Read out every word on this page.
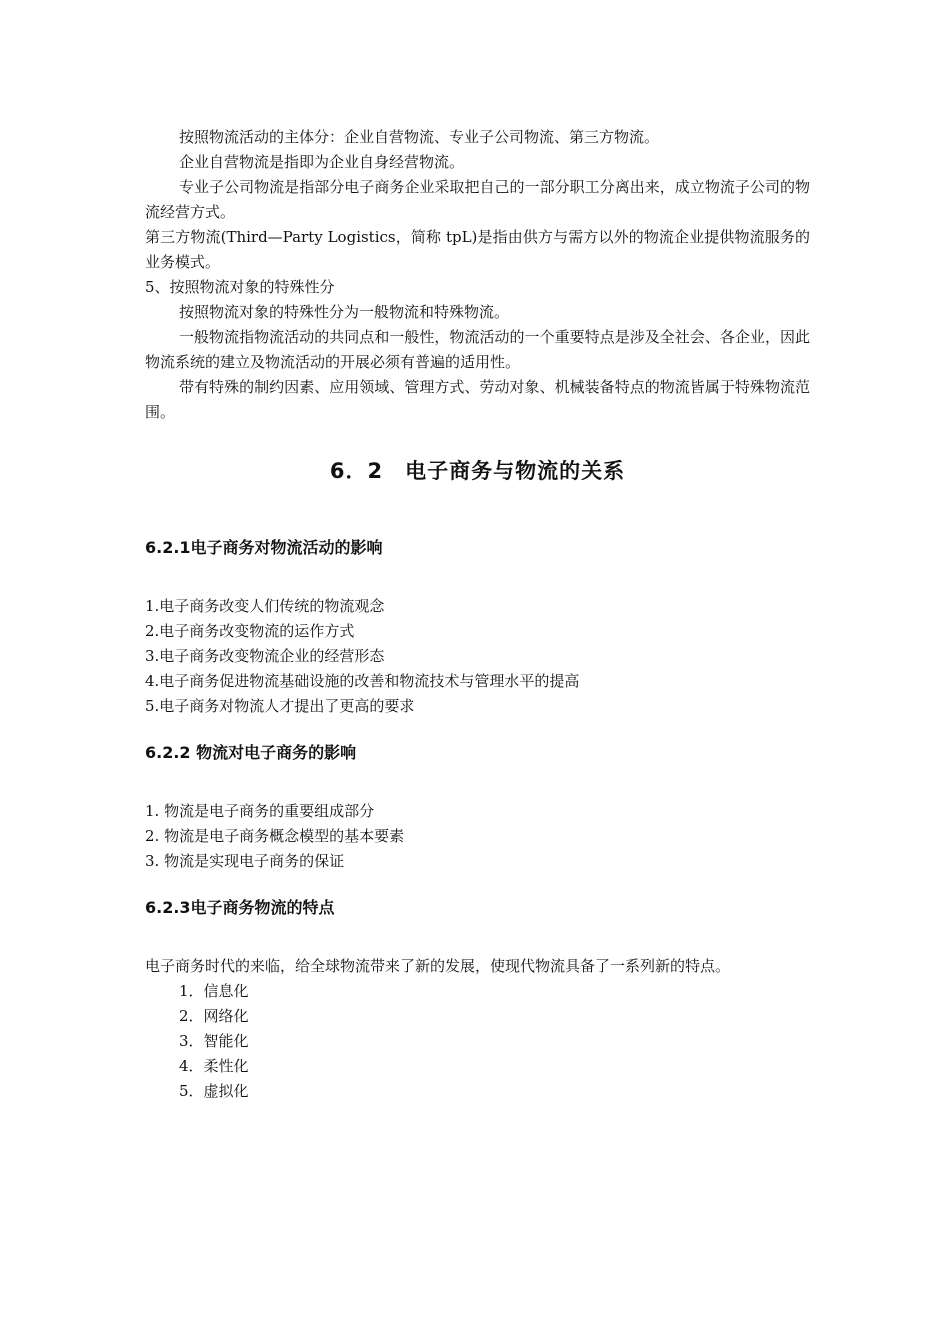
按照物流活动的主体分：企业自营物流、专业子公司物流、第三方物流。

企业自营物流是指即为企业自身经营物流。

专业子公司物流是指部分电子商务企业采取把自己的一部分职工分离出来，成立物流子公司的物流经营方式。

第三方物流(Third—Party Logistics，简称 tpL)是指由供方与需方以外的物流企业提供物流服务的业务模式。

5、按照物流对象的特殊性分

按照物流对象的特殊性分为一般物流和特殊物流。

一般物流指物流活动的共同点和一般性，物流活动的一个重要特点是涉及全社会、各企业，因此物流系统的建立及物流活动的开展必须有普遍的适用性。

带有特殊的制约因素、应用领域、管理方式、劳动对象、机械装备特点的物流皆属于特殊物流范围。

6．2　电子商务与物流的关系
6.2.1电子商务对物流活动的影响
1.电子商务改变人们传统的物流观念
2.电子商务改变物流的运作方式
3.电子商务改变物流企业的经营形态
4.电子商务促进物流基础设施的改善和物流技术与管理水平的提高
5.电子商务对物流人才提出了更高的要求
6.2.2 物流对电子商务的影响
1. 物流是电子商务的重要组成部分
2. 物流是电子商务概念模型的基本要素
3. 物流是实现电子商务的保证
6.2.3电子商务物流的特点

电子商务时代的来临，给全球物流带来了新的发展，使现代物流具备了一系列新的特点。

1．信息化
2．网络化
3．智能化
4．柔性化
5．虚拟化
